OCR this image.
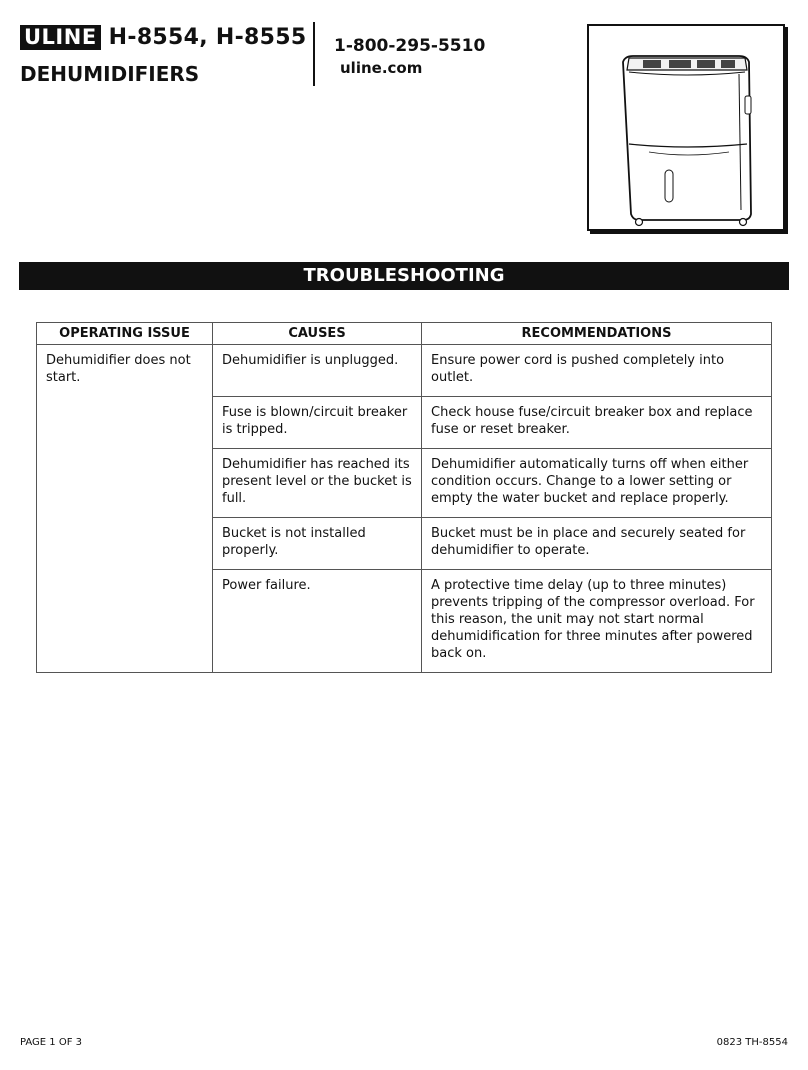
ULINE H-8554, H-8555
DEHUMIDIFIERS
1-800-295-5510
uline.com
TROUBLESHOOTING
OPERATING ISSUE	CAUSES	RECOMMENDATIONS
Dehumidifier does not start.	Dehumidifier is unplugged.	Ensure power cord is pushed completely into outlet.
	Fuse is blown/circuit breaker is tripped.	Check house fuse/circuit breaker box and replace fuse or reset breaker.
	Dehumidifier has reached its present level or the bucket is full.	Dehumidifier automatically turns off when either condition occurs. Change to a lower setting or empty the water bucket and replace properly.
	Bucket is not installed properly.	Bucket must be in place and securely seated for dehumidifier to operate.
	Power failure.	A protective time delay (up to three minutes) prevents tripping of the compressor overload. For this reason, the unit may not start normal dehumidification for three minutes after powered back on.
PAGE 1 OF 3	0823 TH-8554
